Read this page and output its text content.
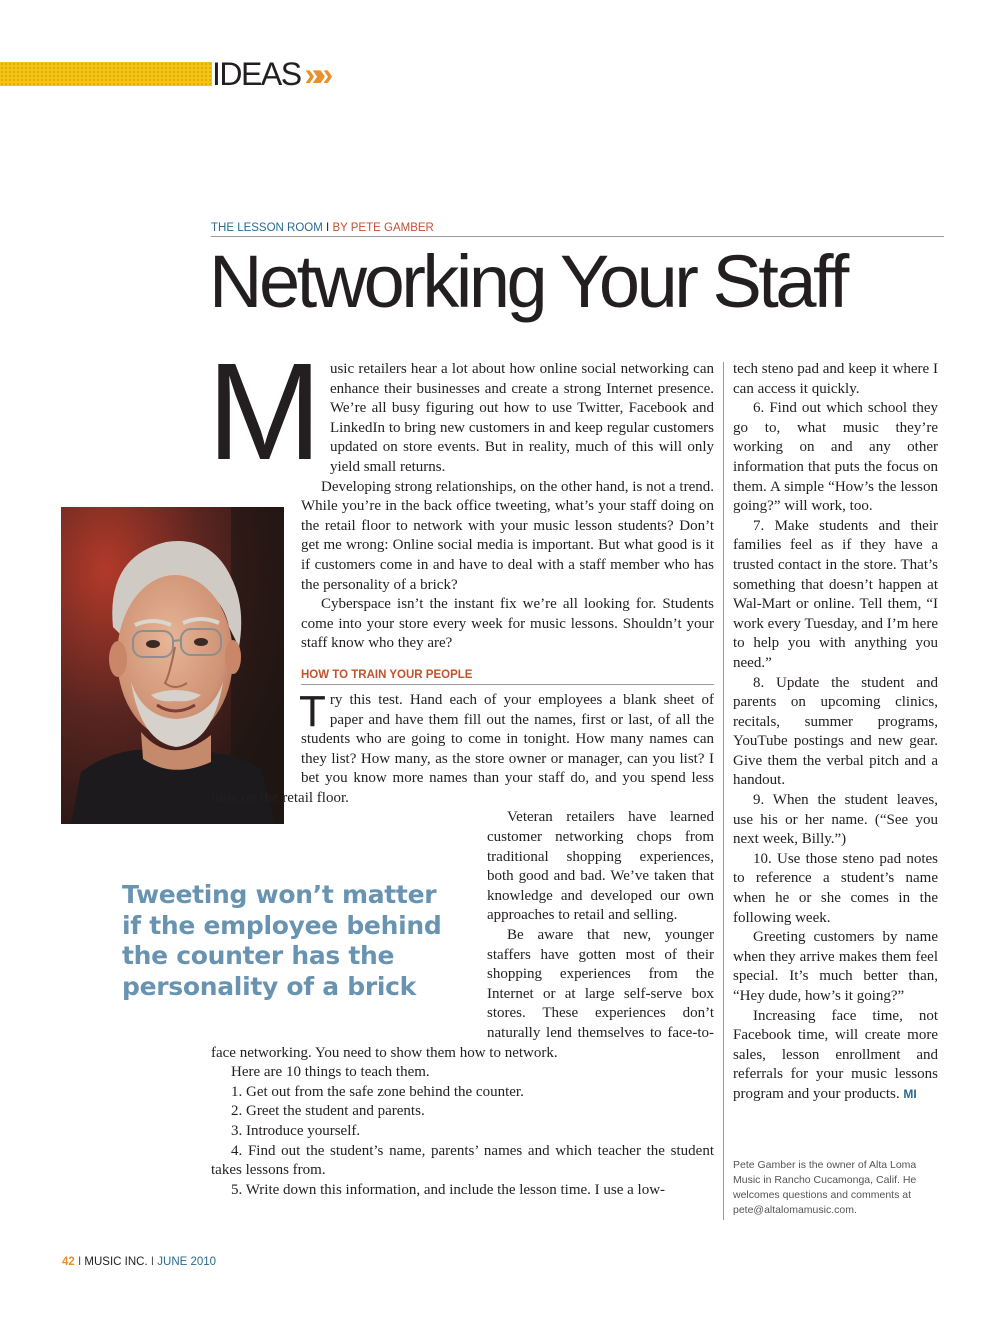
IDEAS »»
THE LESSON ROOM I BY PETE GAMBER
Networking Your Staff
Tweeting won’t matter if the employee behind the counter has the personality of a brick

Music retailers hear a lot about how online social networking can enhance their businesses and create a strong Internet presence. We’re all busy figuring out how to use Twitter, Facebook and LinkedIn to bring new customers in and keep regular customers updated on store events. But in reality, much of this will only yield small returns.

Developing strong relationships, on the other hand, is not a trend. While you’re in the back office tweeting, what’s your staff doing on the retail floor to network with your music lesson students? Don’t get me wrong: Online social media is important. But what good is it if customers come in and have to deal with a staff member who has the personality of a brick?

Cyberspace isn’t the instant fix we’re all looking for. Students come into your store every week for music lessons. Shouldn’t your staff know who they are?

HOW TO TRAIN YOUR PEOPLE

Try this test. Hand each of your employees a blank sheet of paper and have them fill out the names, first or last, of all the students who are going to come in tonight. How many names can they list? How many, as the store owner or manager, can you list? I bet you know more names than your staff do, and you spend less time on the retail floor.

Veteran retailers have learned customer networking chops from traditional shopping experiences, both good and bad. We’ve taken that knowledge and developed our own approaches to retail and selling.

Be aware that new, younger staffers have gotten most of their shopping experiences from the Internet or at large self-serve box stores. These experiences don’t naturally lend themselves to face-to-face networking. You need to show them how to network.

Here are 10 things to teach them.

1. Get out from the safe zone behind the counter.

2. Greet the student and parents.

3. Introduce yourself.

4. Find out the student’s name, parents’ names and which teacher the student takes lessons from.

5. Write down this information, and include the lesson time. I use a low-

tech steno pad and keep it where I can access it quickly.

6. Find out which school they go to, what music they’re working on and any other information that puts the focus on them. A simple “How’s the lesson going?” will work, too.

7. Make students and their families feel as if they have a trusted contact in the store. That’s something that doesn’t happen at Wal-Mart or online. Tell them, “I work every Tuesday, and I’m here to help you with anything you need.”

8. Update the student and parents on upcoming clinics, recitals, summer programs, YouTube postings and new gear. Give them the verbal pitch and a handout.

9. When the student leaves, use his or her name. (“See you next week, Billy.”)

10. Use those steno pad notes to reference a student’s name when he or she comes in the following week.

Greeting customers by name when they arrive makes them feel special. It’s much better than, “Hey dude, how’s it going?”

Increasing face time, not Facebook time, will create more sales, lesson enrollment and referrals for your music lessons program and your products. MI

Pete Gamber is the owner of Alta Loma Music in Rancho Cucamonga, Calif. He welcomes questions and comments at pete@altalomamusic.com.
42 I MUSIC INC. I JUNE 2010
